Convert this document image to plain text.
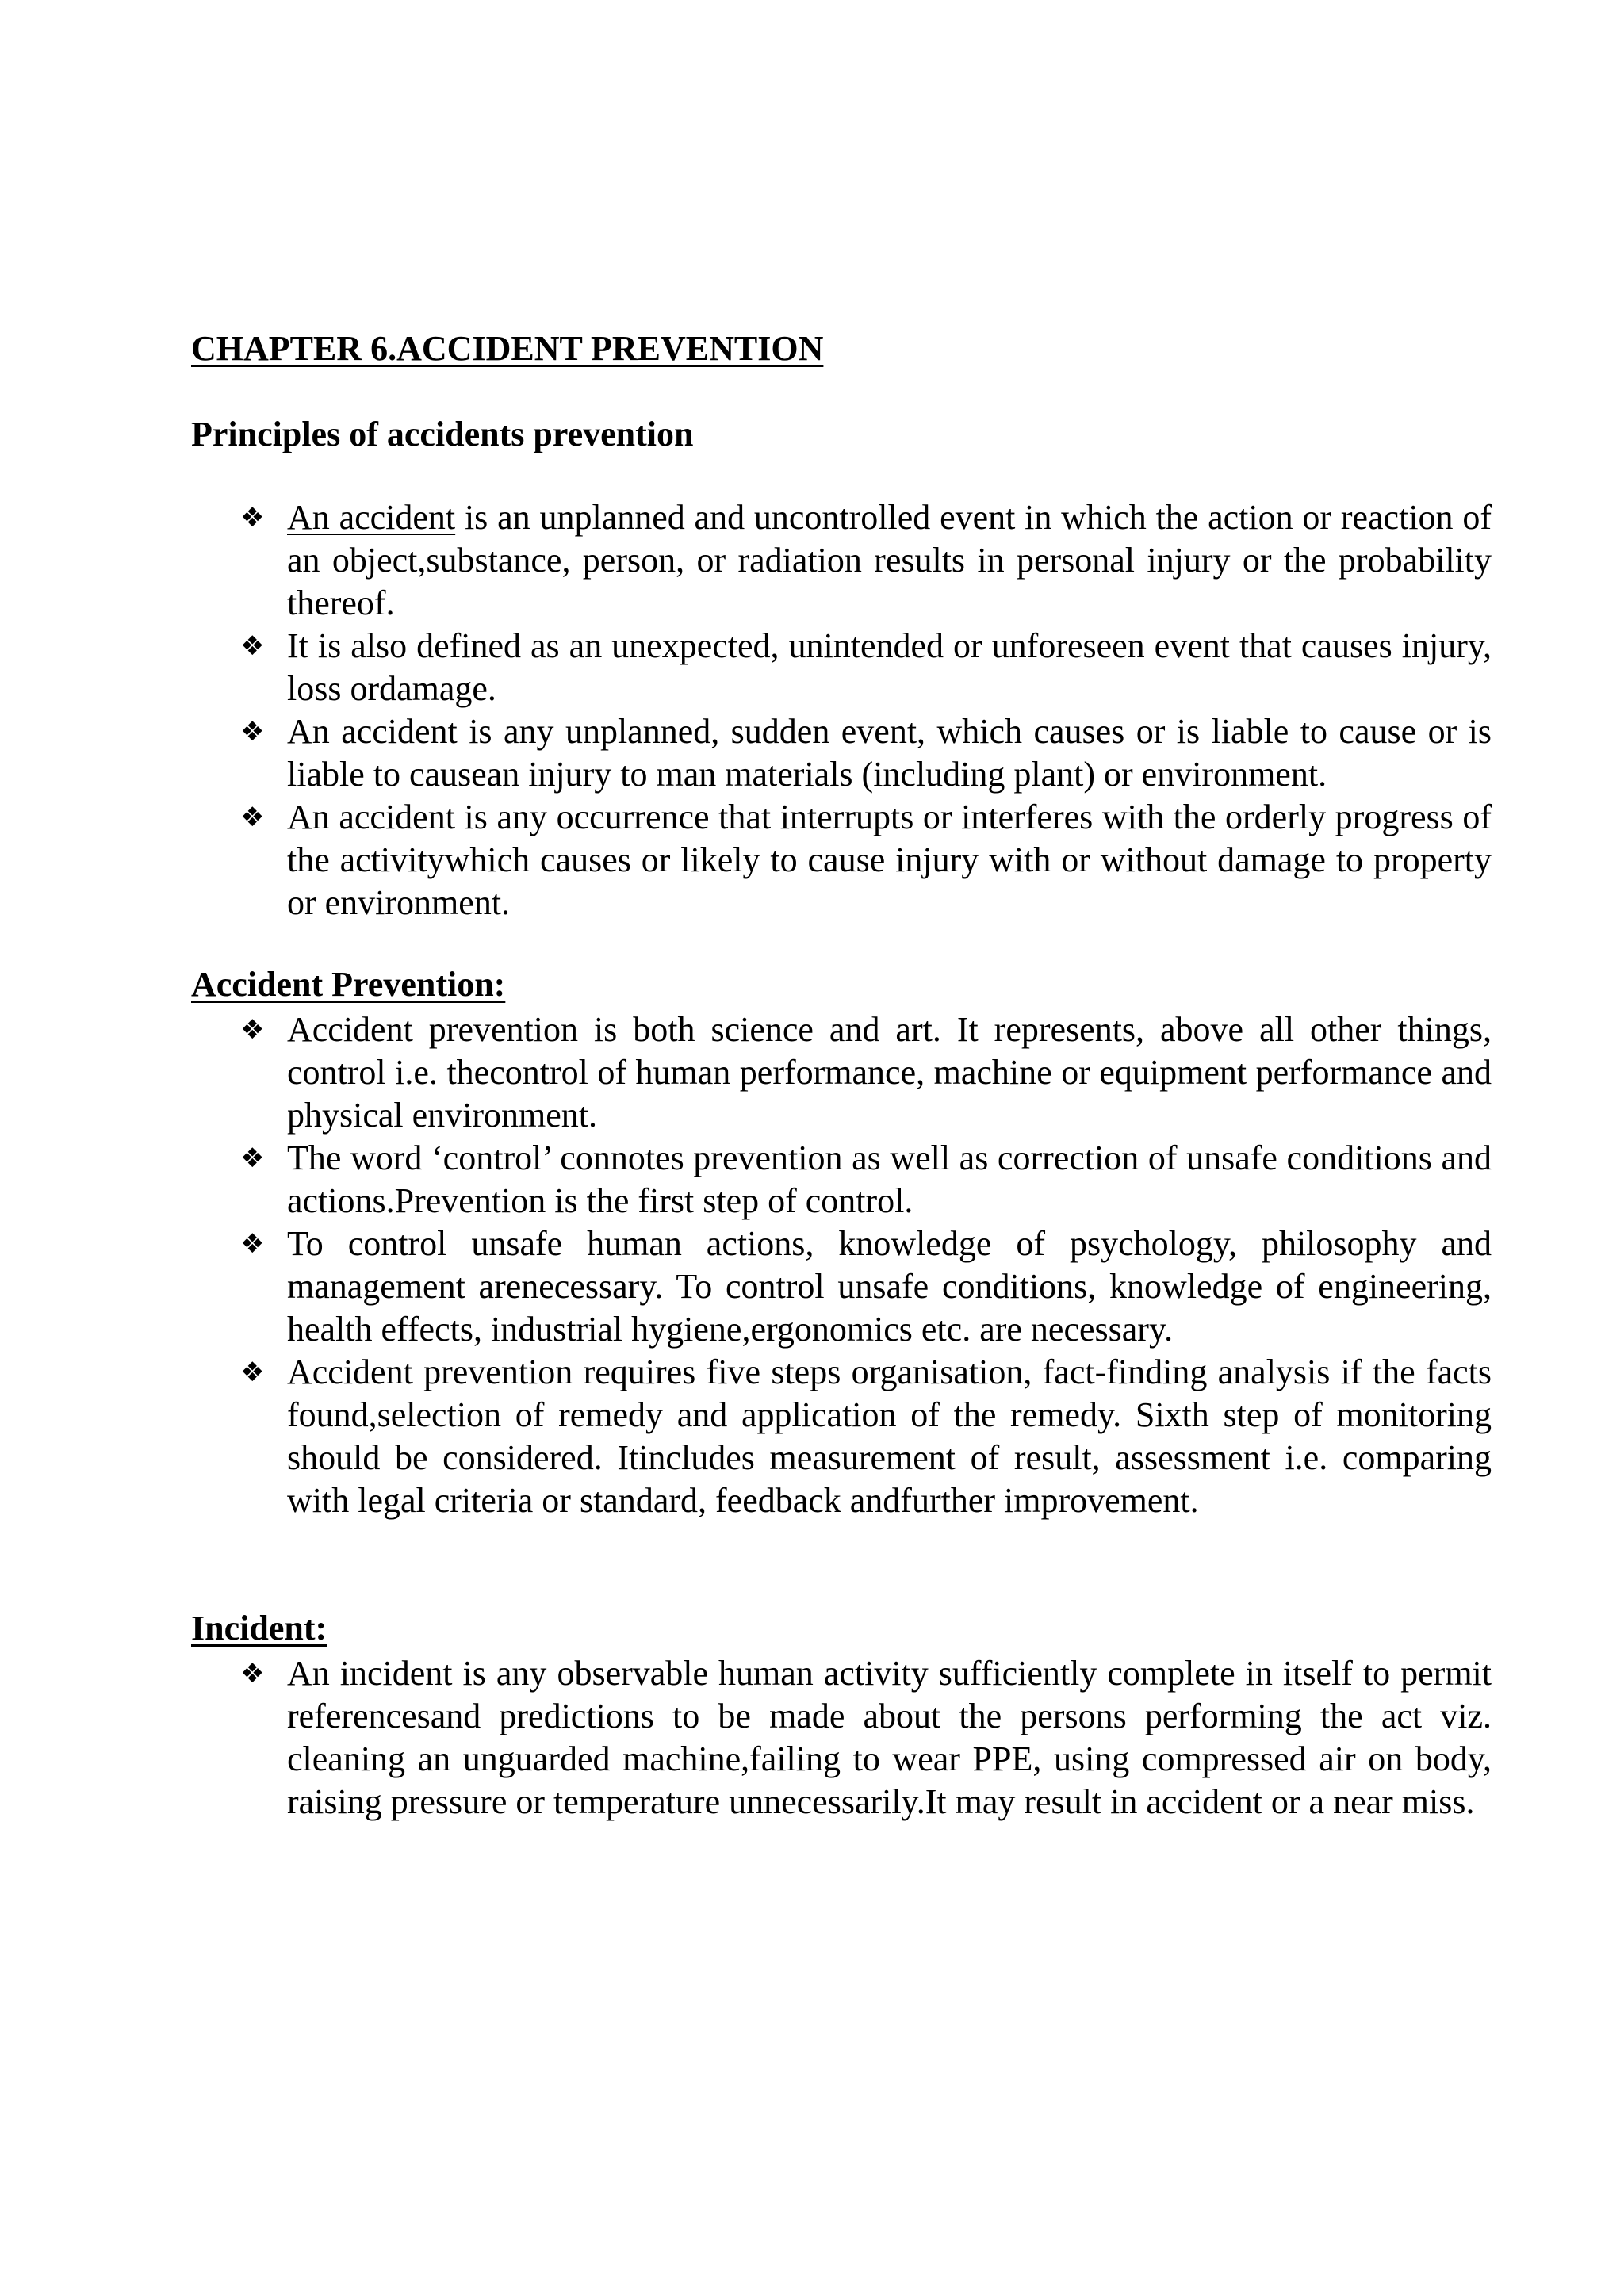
CHAPTER 6.ACCIDENT PREVENTION
Principles of accidents prevention
❖ An accident is an unplanned and uncontrolled event in which the action or reaction of an object,substance, person, or radiation results in personal injury or the probability thereof.
❖ It is also defined as an unexpected, unintended or unforeseen event that causes injury, loss ordamage.
❖ An accident is any unplanned, sudden event, which causes or is liable to cause or is liable to causean injury to man materials (including plant) or environment.
❖ An accident is any occurrence that interrupts or interferes with the orderly progress of the activitywhich causes or likely to cause injury with or without damage to property or environment.
Accident Prevention:
❖ Accident prevention is both science and art. It represents, above all other things, control i.e. thecontrol of human performance, machine or equipment performance and physical environment.
❖ The word ‘control’ connotes prevention as well as correction of unsafe conditions and actions.Prevention is the first step of control.
❖ To control unsafe human actions, knowledge of psychology, philosophy and management arenecessary. To control unsafe conditions, knowledge of engineering, health effects, industrial hygiene,ergonomics etc. are necessary.
❖ Accident prevention requires five steps organisation, fact-finding analysis if the facts found,selection of remedy and application of the remedy. Sixth step of monitoring should be considered. Itincludes measurement of result, assessment i.e. comparing with legal criteria or standard, feedback andfurther improvement.
Incident:
❖ An incident is any observable human activity sufficiently complete in itself to permit referencesand predictions to be made about the persons performing the act viz. cleaning an unguarded machine,failing to wear PPE, using compressed air on body, raising pressure or temperature unnecessarily.It may result in accident or a near miss.
